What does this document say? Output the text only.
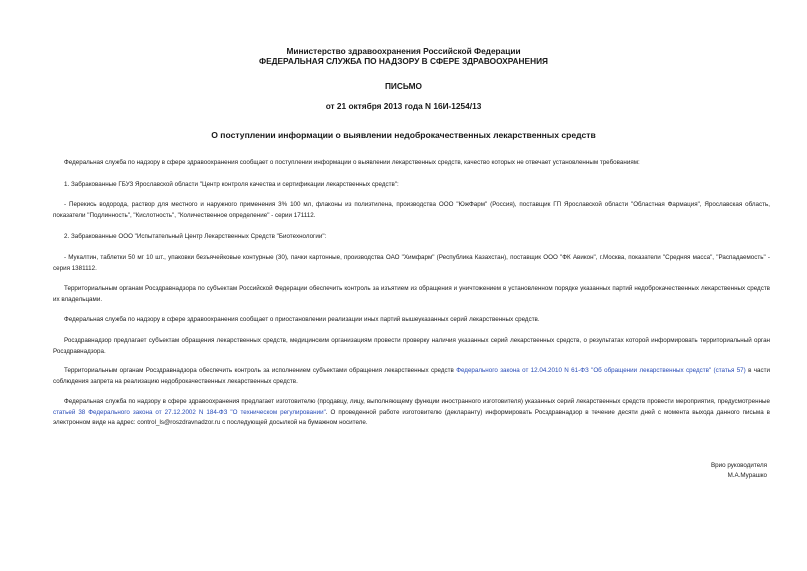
Министерство здравоохранения Российской Федерации
ФЕДЕРАЛЬНАЯ СЛУЖБА ПО НАДЗОРУ В СФЕРЕ ЗДРАВООХРАНЕНИЯ
ПИСЬМО
от 21 октября 2013 года N 16И-1254/13
О поступлении информации о выявлении недоброкачественных лекарственных средств
Федеральная служба по надзору в сфере здравоохранения сообщает о поступлении информации о выявлении лекарственных средств, качество которых не отвечает установленным требованиям:
1. Забракованные ГБУЗ Ярославской области "Центр контроля качества и сертификации лекарственных средств":
- Перекись водорода, раствор для местного и наружного применения 3% 100 мл, флаконы из полиэтилена, производства ООО "ЮжФарм" (Россия), поставщик ГП Ярославской области "Областная Фармация", Ярославская область, показатели "Подлинность", "Кислотность", "Количественное определение" - серии 171112.
2. Забракованные ООО "Испытательный Центр Лекарственных Средств "Биотехнологии":
- Мукалтин, таблетки 50 мг 10 шт., упаковки безъячейковые контурные (30), пачки картонные, производства ОАО "Химфарм" (Республика Казахстан), поставщик ООО "ФК Авикон", г.Москва, показатели "Средняя масса", "Распадаемость" - серия 1381112.
Территориальным органам Росздравнадзора по субъектам Российской Федерации обеспечить контроль за изъятием из обращения и уничтожением в установленном порядке указанных партий недоброкачественных лекарственных средств их владельцами.
Федеральная служба по надзору в сфере здравоохранения сообщает о приостановлении реализации иных партий вышеуказанных серий лекарственных средств.
Росздравнадзор предлагает субъектам обращения лекарственных средств, медицинским организациям провести проверку наличия указанных серий лекарственных средств, о результатах которой информировать территориальный орган Росздравнадзора.
Территориальным органам Росздравнадзора обеспечить контроль за исполнением субъектами обращения лекарственных средств Федерального закона от 12.04.2010 N 61-ФЗ "Об обращении лекарственных средств" (статья 57) в части соблюдения запрета на реализацию недоброкачественных лекарственных средств.
Федеральная служба по надзору в сфере здравоохранения предлагает изготовителю (продавцу, лицу, выполняющему функции иностранного изготовителя) указанных серий лекарственных средств провести мероприятия, предусмотренные статьей 38 Федерального закона от 27.12.2002 N 184-ФЗ "О техническом регулировании". О проведенной работе изготовителю (декларанту) информировать Росздравнадзор в течение десяти дней с момента выхода данного письма в электронном виде на адрес: control_ls@roszdravnadzor.ru с последующей досылкой на бумажном носителе.
Врио руководителя
М.А.Мурашко
